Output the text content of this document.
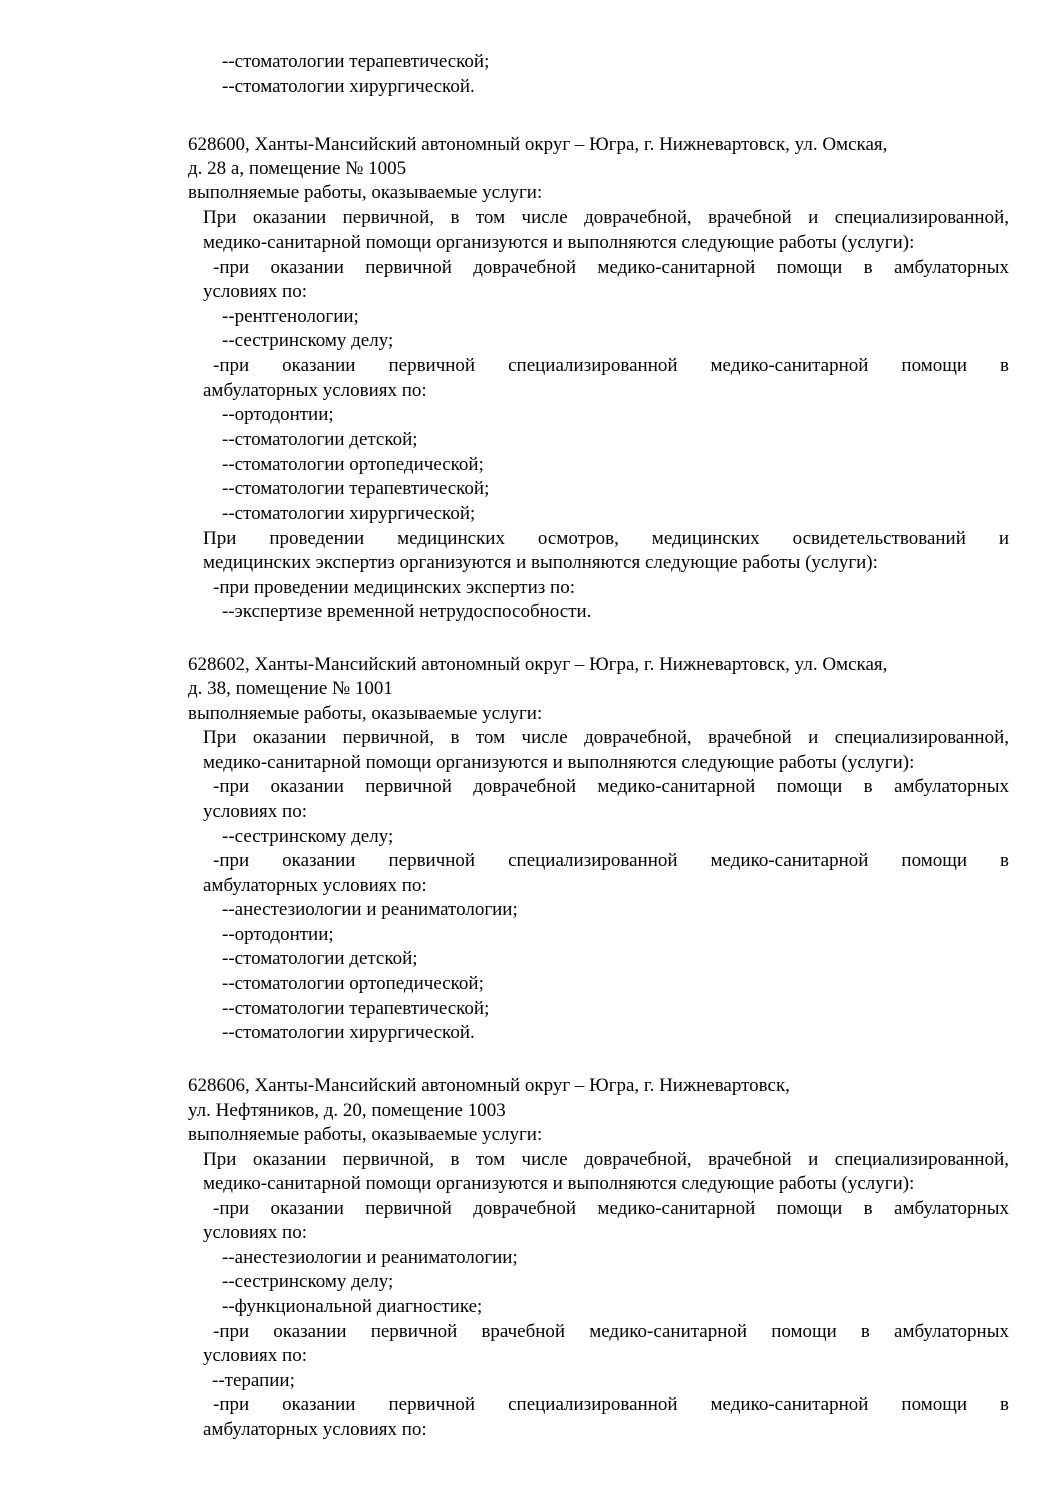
--стоматологии терапевтической;
--стоматологии хирургической.
628600, Ханты-Мансийский автономный округ – Югра, г. Нижневартовск, ул. Омская,
д. 28 а, помещение № 1005
выполняемые работы, оказываемые услуги:
При оказании первичной, в том числе доврачебной, врачебной и специализированной,
медико-санитарной помощи организуются и выполняются следующие работы (услуги):
-при оказании первичной доврачебной медико-санитарной помощи в амбулаторных
условиях по:
--рентгенологии;
--сестринскому делу;
-при оказании первичной специализированной медико-санитарной помощи в
амбулаторных условиях по:
--ортодонтии;
--стоматологии детской;
--стоматологии ортопедической;
--стоматологии терапевтической;
--стоматологии хирургической;
При проведении медицинских осмотров, медицинских освидетельствований и
медицинских экспертиз организуются и выполняются следующие работы (услуги):
-при проведении медицинских экспертиз по:
--экспертизе временной нетрудоспособности.
628602, Ханты-Мансийский автономный округ – Югра, г. Нижневартовск, ул. Омская,
д. 38, помещение № 1001
выполняемые работы, оказываемые услуги:
При оказании первичной, в том числе доврачебной, врачебной и специализированной,
медико-санитарной помощи организуются и выполняются следующие работы (услуги):
-при оказании первичной доврачебной медико-санитарной помощи в амбулаторных
условиях по:
--сестринскому делу;
-при оказании первичной специализированной медико-санитарной помощи в
амбулаторных условиях по:
--анестезиологии и реаниматологии;
--ортодонтии;
--стоматологии детской;
--стоматологии ортопедической;
--стоматологии терапевтической;
--стоматологии хирургической.
628606, Ханты-Мансийский автономный округ – Югра, г. Нижневартовск,
ул. Нефтяников, д. 20, помещение 1003
выполняемые работы, оказываемые услуги:
При оказании первичной, в том числе доврачебной, врачебной и специализированной,
медико-санитарной помощи организуются и выполняются следующие работы (услуги):
-при оказании первичной доврачебной медико-санитарной помощи в амбулаторных
условиях по:
--анестезиологии и реаниматологии;
--сестринскому делу;
--функциональной диагностике;
-при оказании первичной врачебной медико-санитарной помощи в амбулаторных
условиях по:
--терапии;
-при оказании первичной специализированной медико-санитарной помощи в
амбулаторных условиях по:
